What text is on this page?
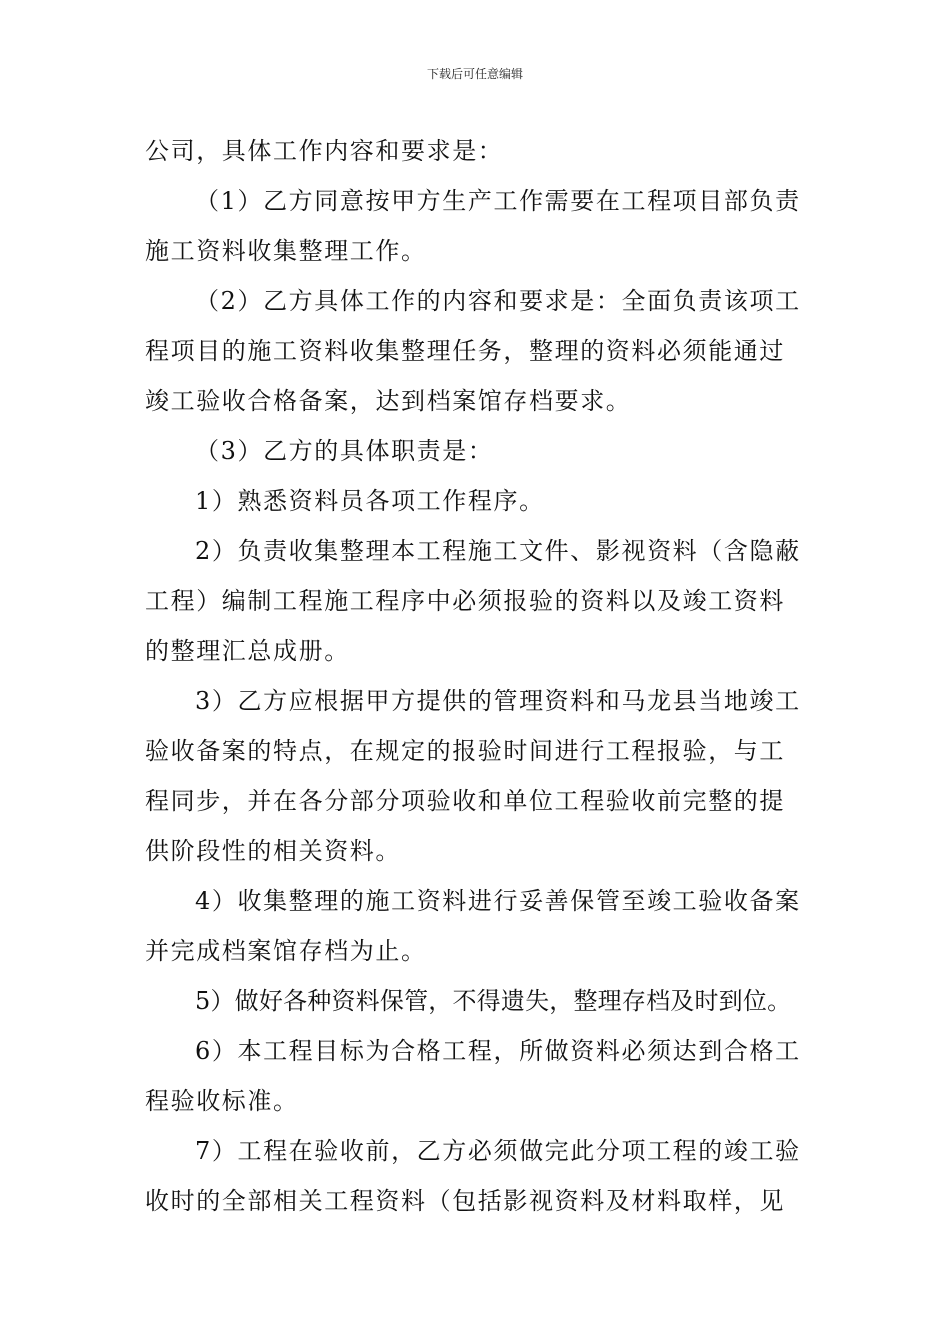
下载后可任意编辑
公司，具体工作内容和要求是：
（1）乙方同意按甲方生产工作需要在工程项目部负责
施工资料收集整理工作。
（2）乙方具体工作的内容和要求是：全面负责该项工
程项目的施工资料收集整理任务，整理的资料必须能通过
竣工验收合格备案，达到档案馆存档要求。
（3）乙方的具体职责是：
1）熟悉资料员各项工作程序。
2）负责收集整理本工程施工文件、影视资料（含隐蔽
工程）编制工程施工程序中必须报验的资料以及竣工资料
的整理汇总成册。
3）乙方应根据甲方提供的管理资料和马龙县当地竣工
验收备案的特点，在规定的报验时间进行工程报验，与工
程同步，并在各分部分项验收和单位工程验收前完整的提
供阶段性的相关资料。
4）收集整理的施工资料进行妥善保管至竣工验收备案
并完成档案馆存档为止。
5）做好各种资料保管，不得遗失，整理存档及时到位。
6）本工程目标为合格工程，所做资料必须达到合格工
程验收标准。
7）工程在验收前，乙方必须做完此分项工程的竣工验
收时的全部相关工程资料（包括影视资料及材料取样，见
